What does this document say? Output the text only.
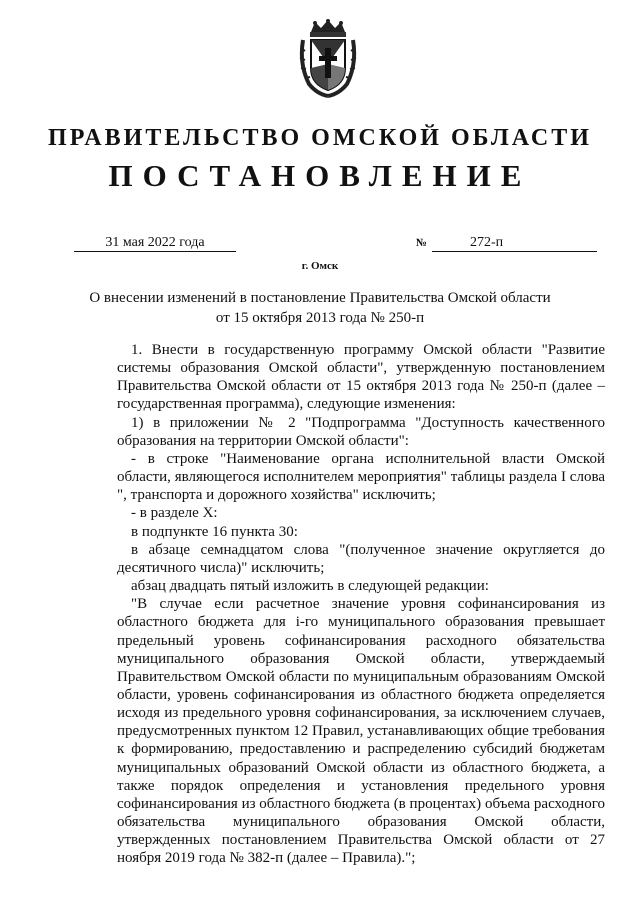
ПРАВИТЕЛЬСТВО ОМСКОЙ ОБЛАСТИ
ПОСТАНОВЛЕНИЕ
31 мая 2022 года	№	272-п
г. Омск
О внесении изменений в постановление Правительства Омской области
от 15 октября 2013 года № 250-п

1. Внести в государственную программу Омской области "Развитие системы образования Омской области", утвержденную постановлением Правительства Омской области от 15 октября 2013 года № 250-п (далее – государственная программа), следующие изменения:

1) в приложении № 2 "Подпрограмма "Доступность качественного образования на территории Омской области":

- в строке "Наименование органа исполнительной власти Омской области, являющегося исполнителем мероприятия" таблицы раздела I слова ", транспорта и дорожного хозяйства" исключить;

- в разделе X:

в подпункте 16 пункта 30:

в абзаце семнадцатом слова "(полученное значение округляется до десятичного числа)" исключить;

абзац двадцать пятый изложить в следующей редакции:

"В случае если расчетное значение уровня софинансирования из областного бюджета для i-го муниципального образования превышает предельный уровень софинансирования расходного обязательства муниципального образования Омской области, утверждаемый Правительством Омской области по муниципальным образованиям Омской области, уровень софинансирования из областного бюджета определяется исходя из предельного уровня софинансирования, за исключением случаев, предусмотренных пунктом 12 Правил, устанавливающих общие требования к формированию, предоставлению и распределению субсидий бюджетам муниципальных образований Омской области из областного бюджета, а также порядок определения и установления предельного уровня софинансирования из областного бюджета (в процентах) объема расходного обязательства муниципального образования Омской области, утвержденных постановлением Правительства Омской области от 27 ноября 2019 года № 382-п (далее – Правила).";
